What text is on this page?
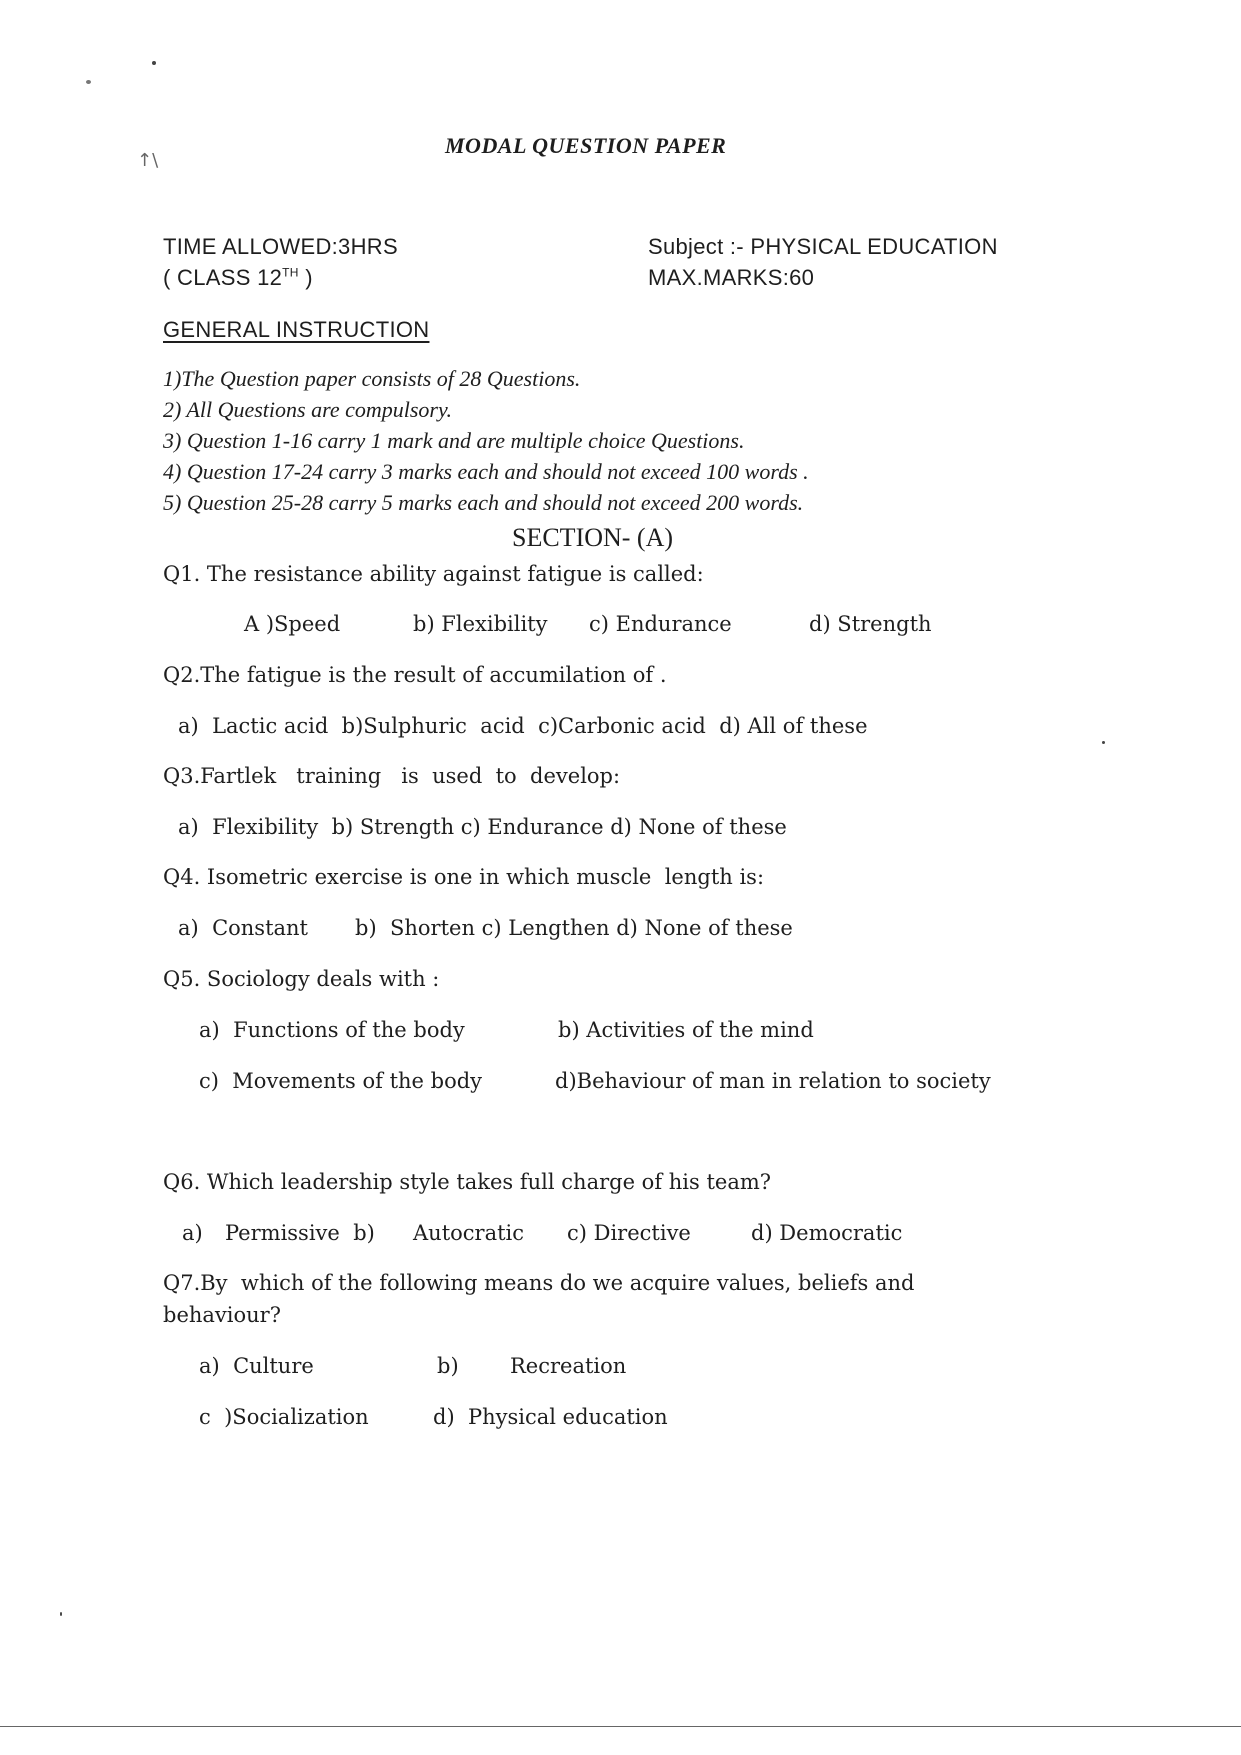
↑\
MODAL QUESTION PAPER
TIME ALLOWED:3HRS
( CLASS 12TH )
Subject :- PHYSICAL EDUCATION
MAX.MARKS:60
GENERAL INSTRUCTION
1)The Question paper consists of 28 Questions.
2) All Questions are compulsory.
3) Question 1-16 carry 1 mark and are multiple choice Questions.
4) Question 17-24 carry 3 marks each and should not exceed 100 words .
5) Question 25-28 carry 5 marks each and should not exceed 200 words.
SECTION- (A)
Q1. The resistance ability against fatigue is called:
A )Speed	b) Flexibility c) Endurance	d) Strength
Q2.The fatigue is the result of accumilation of .
a)  Lactic acid  b)Sulphuric  acid  c)Carbonic acid  d) All of these
Q3.Fartlek   training   is  used  to  develop:
a)  Flexibility  b) Strength c) Endurance d) None of these
Q4. Isometric exercise is one in which muscle  length is:
a)  Constant b)  Shorten c) Lengthen d) None of these
Q5. Sociology deals with :
a)  Functions of the body	b) Activities of the mind
c)  Movements of the body	d)Behaviour of man in relation to society
Q6. Which leadership style takes full charge of his team?
a) Permissive  b) Autocratic c) Directive	d) Democratic
Q7.By  which of the following means do we acquire values, beliefs and
behaviour?
a)  Culture	b) Recreation
c  )Socialization	d)  Physical education
